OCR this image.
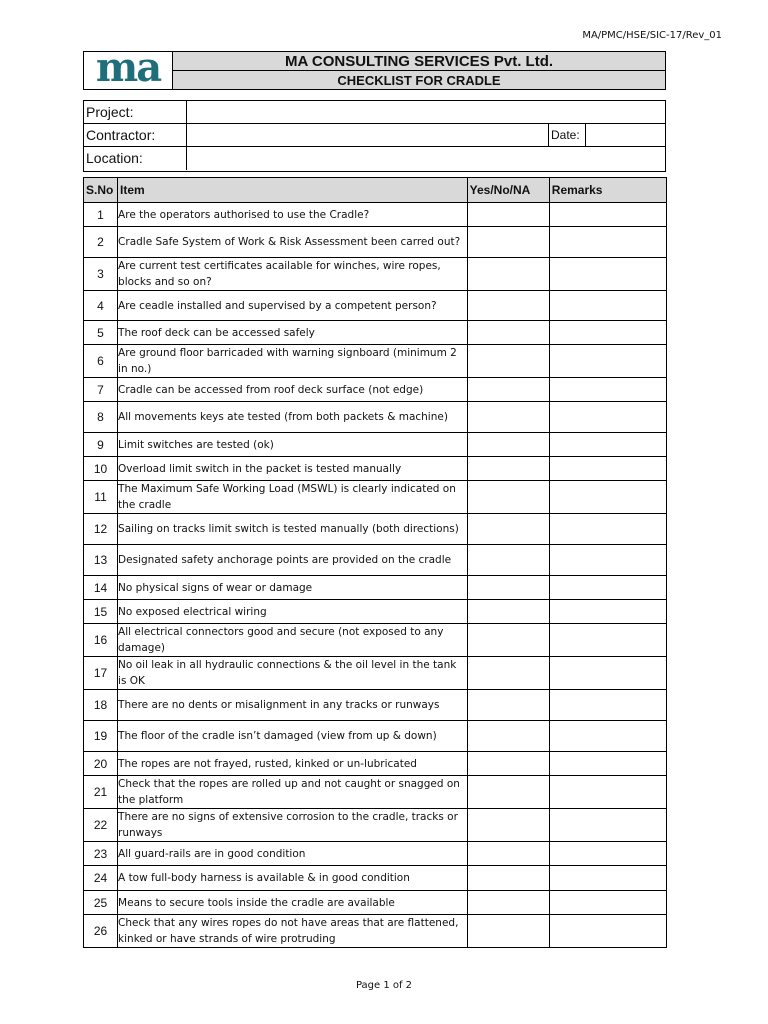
MA/PMC/HSE/SIC-17/Rev_01
ma	MA CONSULTING SERVICES Pvt. Ltd.
CHECKLIST FOR CRADLE
Project:
Contractor:	Date:
Location:
S.No	Item	Yes/No/NA	Remarks
1	Are the operators authorised to use the Cradle?		
2	Cradle Safe System of Work & Risk Assessment been carred out?		
3	Are current test certificates acailable for winches, wire ropes, blocks and so on?		
4	Are ceadle installed and supervised by a competent person?		
5	The roof deck can be accessed safely		
6	Are ground floor barricaded with warning signboard (minimum 2 in no.)		
7	Cradle can be accessed from roof deck surface (not edge)		
8	All movements keys ate tested (from both packets & machine)		
9	Limit switches are tested (ok)		
10	Overload limit switch in the packet is tested manually		
11	The Maximum Safe Working Load (MSWL) is clearly indicated on the cradle		
12	Sailing on tracks limit switch is tested manually (both directions)		
13	Designated safety anchorage points are provided on the cradle		
14	No physical signs of wear or damage		
15	No exposed electrical wiring		
16	All electrical connectors good and secure (not exposed to any damage)		
17	No oil leak in all hydraulic connections & the oil level in the tank is OK		
18	There are no dents or misalignment in any tracks or runways		
19	The floor of the cradle isn’t damaged (view from up & down)		
20	The ropes are not frayed, rusted, kinked or un-lubricated		
21	Check that the ropes are rolled up and not caught or snagged on the platform		
22	There are no signs of extensive corrosion to the cradle, tracks or runways		
23	All guard-rails are in good condition		
24	A tow full-body harness is available & in good condition		
25	Means to secure tools inside the cradle are available		
26	Check that any wires ropes do not have areas that are flattened, kinked or have strands of wire protruding		
Page 1 of 2
